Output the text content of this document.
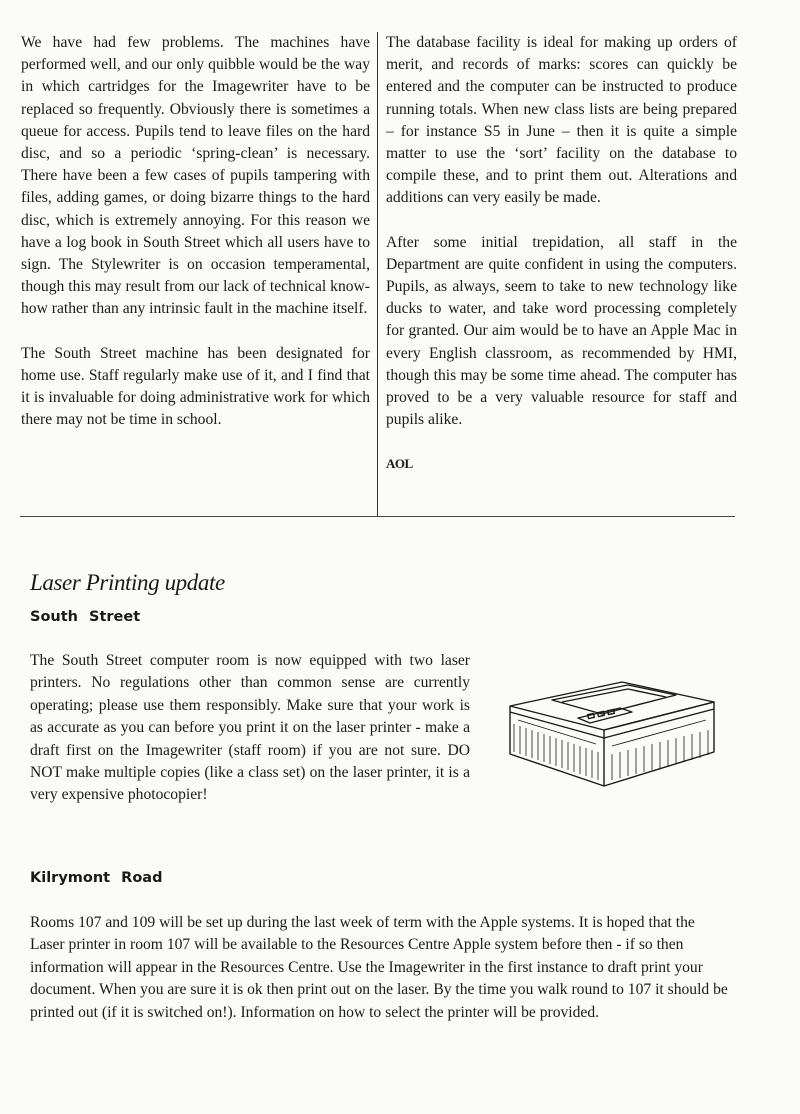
We have had few problems. The machines have performed well, and our only quibble would be the way in which cartridges for the Imagewriter have to be replaced so frequently. Obviously there is sometimes a queue for access. Pupils tend to leave files on the hard disc, and so a periodic ‘spring-clean’ is necessary. There have been a few cases of pupils tampering with files, adding games, or doing bizarre things to the hard disc, which is extremely annoying. For this reason we have a log book in South Street which all users have to sign. The Stylewriter is on occasion temperamental, though this may result from our lack of technical know-how rather than any intrinsic fault in the machine itself.

The South Street machine has been designated for home use. Staff regularly make use of it, and I find that it is invaluable for doing administrative work for which there may not be time in school.

The database facility is ideal for making up orders of merit, and records of marks: scores can quickly be entered and the computer can be instructed to produce running totals. When new class lists are being prepared – for instance S5 in June – then it is quite a simple matter to use the ‘sort’ facility on the database to compile these, and to print them out. Alterations and additions can very easily be made.

After some initial trepidation, all staff in the Department are quite confident in using the computers. Pupils, as always, seem to take to new technology like ducks to water, and take word processing completely for granted. Our aim would be to have an Apple Mac in every English classroom, as recommended by HMI, though this may be some time ahead. The computer has proved to be a very valuable resource for staff and pupils alike.

AOL
Laser Printing update
South Street
The South Street computer room is now equipped with two laser printers. No regulations other than common sense are currently operating; please use them responsibly. Make sure that your work is as accurate as you can before you print it on the laser printer - make a draft first on the Imagewriter (staff room) if you are not sure. DO NOT make multiple copies (like a class set) on the laser printer, it is a very expensive photocopier!
Kilrymont Road
Rooms 107 and 109 will be set up during the last week of term with the Apple systems. It is hoped that the Laser printer in room 107 will be available to the Resources Centre Apple system before then - if so then information will appear in the Resources Centre. Use the Imagewriter in the first instance to draft print your document. When you are sure it is ok then print out on the laser. By the time you walk round to 107 it should be printed out (if it is switched on!). Information on how to select the printer will be provided.
